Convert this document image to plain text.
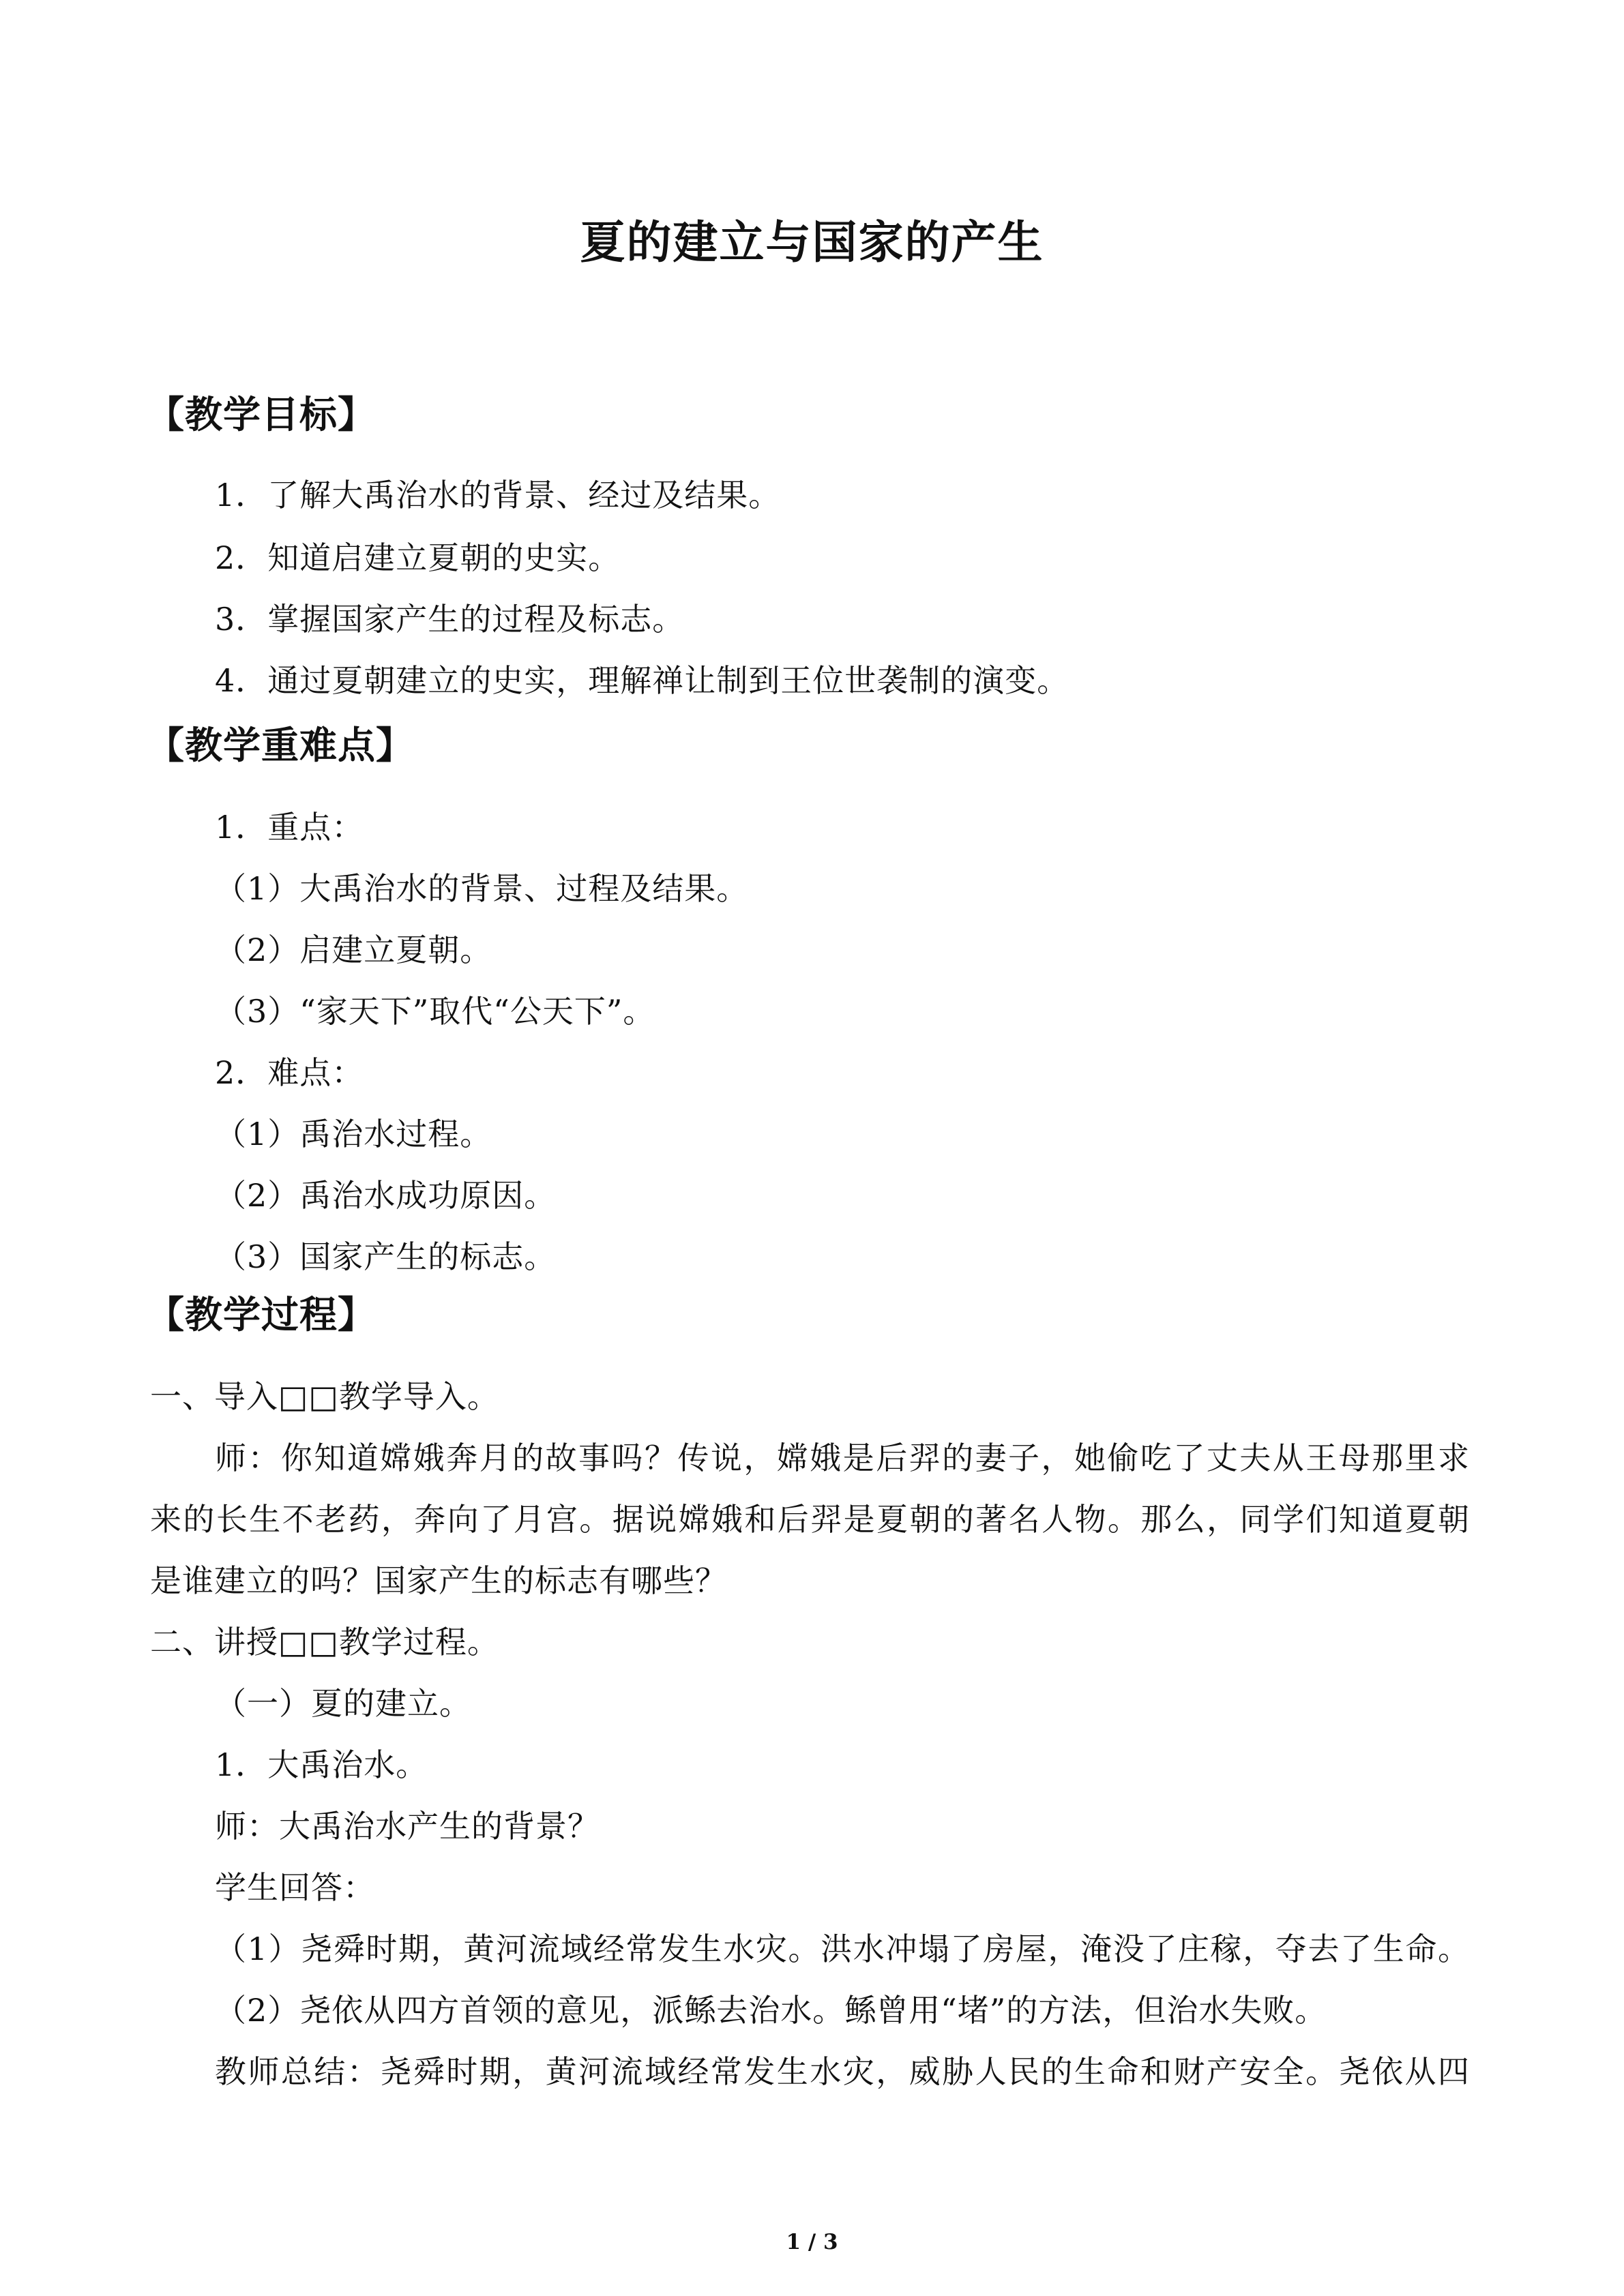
夏的建立与国家的产生
【教学目标】
1．了解大禹治水的背景、经过及结果。
2．知道启建立夏朝的史实。
3．掌握国家产生的过程及标志。
4．通过夏朝建立的史实，理解禅让制到王位世袭制的演变。
【教学重难点】
1．重点：
（1）大禹治水的背景、过程及结果。
（2）启建立夏朝。
（3）“家天下”取代“公天下”。
2．难点：
（1）禹治水过程。
（2）禹治水成功原因。
（3）国家产生的标志。
【教学过程】
一、导入□□教学导入。
师：你知道嫦娥奔月的故事吗？传说，嫦娥是后羿的妻子，她偷吃了丈夫从王母那里求
来的长生不老药，奔向了月宫。据说嫦娥和后羿是夏朝的著名人物。那么，同学们知道夏朝
是谁建立的吗？国家产生的标志有哪些？
二、讲授□□教学过程。
（一）夏的建立。
1．大禹治水。
师：大禹治水产生的背景？
学生回答：
（1）尧舜时期，黄河流域经常发生水灾。洪水冲塌了房屋，淹没了庄稼，夺去了生命。
（2）尧依从四方首领的意见，派鲧去治水。鲧曾用“堵”的方法，但治水失败。
教师总结：尧舜时期，黄河流域经常发生水灾，威胁人民的生命和财产安全。尧依从四
1 / 3
